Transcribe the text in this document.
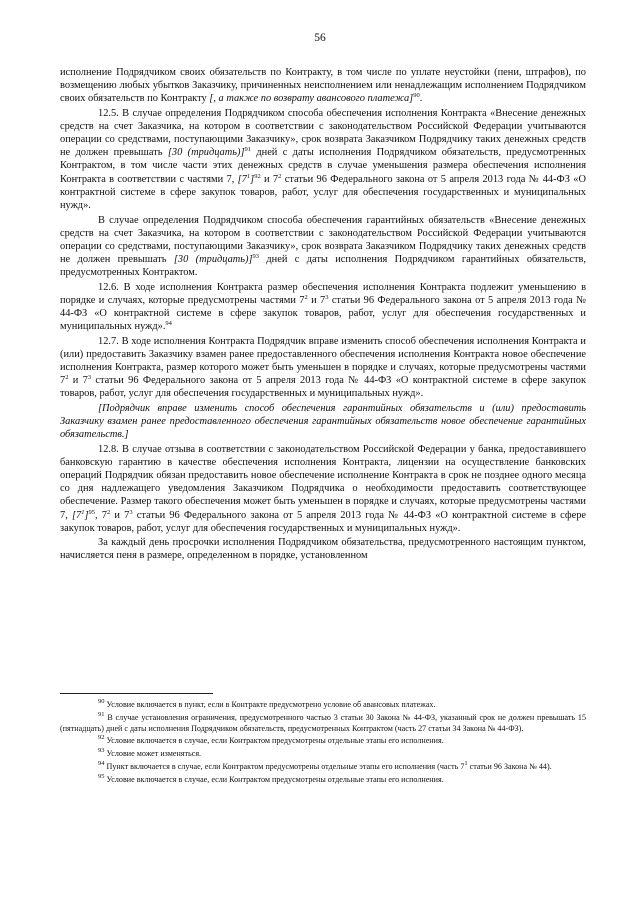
56

исполнение Подрядчиком своих обязательств по Контракту, в том числе по уплате неустойки (пени, штрафов), по возмещению любых убытков Заказчику, причиненных неисполнением или ненадлежащим исполнением Подрядчиком своих обязательств по Контракту [, а также по возврату авансового платежа]$^{90}$.

12.5. В случае определения Подрядчиком способа обеспечения исполнения Контракта «Внесение денежных средств на счет Заказчика, на котором в соответствии с законодательством Российской Федерации учитываются операции со средствами, поступающими Заказчику», срок возврата Заказчиком Подрядчику таких денежных средств не должен превышать [30 (тридцать)]$^{91}$ дней с даты исполнения Подрядчиком обязательств, предусмотренных Контрактом, в том числе части этих денежных средств в случае уменьшения размера обеспечения исполнения Контракта в соответствии с частями 7, $[7^1]^{92}$ и $7^2$ статьи 96 Федерального закона от 5 апреля 2013 года № 44-ФЗ «О контрактной системе в сфере закупок товаров, работ, услуг для обеспечения государственных и муниципальных нужд».

В случае определения Подрядчиком способа обеспечения гарантийных обязательств «Внесение денежных средств на счет Заказчика, на котором в соответствии с законодательством Российской Федерации учитываются операции со средствами, поступающими Заказчику», срок возврата Заказчиком Подрядчику таких денежных средств не должен превышать [30 (тридцать)]$^{93}$ дней с даты исполнения Подрядчиком гарантийных обязательств, предусмотренных Контрактом.

12.6. В ходе исполнения Контракта размер обеспечения исполнения Контракта подлежит уменьшению в порядке и случаях, которые предусмотрены частями $7^2$ и $7^3$ статьи 96 Федерального закона от 5 апреля 2013 года № 44-ФЗ «О контрактной системе в сфере закупок товаров, работ, услуг для обеспечения государственных и муниципальных нужд».$^{94}$

12.7. В ходе исполнения Контракта Подрядчик вправе изменить способ обеспечения исполнения Контракта и (или) предоставить Заказчику взамен ранее предоставленного обеспечения исполнения Контракта новое обеспечение исполнения Контракта, размер которого может быть уменьшен в порядке и случаях, которые предусмотрены частями $7^2$ и $7^3$ статьи 96 Федерального закона от 5 апреля 2013 года № 44-ФЗ «О контрактной системе в сфере закупок товаров, работ, услуг для обеспечения государственных и муниципальных нужд».

[Подрядчик вправе изменить способ обеспечения гарантийных обязательств и (или) предоставить Заказчику взамен ранее предоставленного обеспечения гарантийных обязательств новое обеспечение гарантийных обязательств.]

12.8. В случае отзыва в соответствии с законодательством Российской Федерации у банка, предоставившего банковскую гарантию в качестве обеспечения исполнения Контракта, лицензии на осуществление банковских операций Подрядчик обязан предоставить новое обеспечение исполнение Контракта в срок не позднее одного месяца со дня надлежащего уведомления Заказчиком Подрядчика о необходимости предоставить соответствующее обеспечение. Размер такого обеспечения может быть уменьшен в порядке и случаях, которые предусмотрены частями 7, $[7^1]^{95}$, $7^2$ и $7^3$ статьи 96 Федерального закона от 5 апреля 2013 года № 44-ФЗ «О контрактной системе в сфере закупок товаров, работ, услуг для обеспечения государственных и муниципальных нужд».

За каждый день просрочки исполнения Подрядчиком обязательства, предусмотренного настоящим пунктом, начисляется пеня в размере, определенном в порядке, установленном

$^{90}$ Условие включается в пункт, если в Контракте предусмотрено условие об авансовых платежах.

$^{91}$ В случае установления ограничения, предусмотренного частью 3 статьи 30 Закона № 44-ФЗ, указанный срок не должен превышать 15 (пятнадцать) дней с даты исполнения Подрядчиком обязательств, предусмотренных Контрактом (часть 27 статьи 34 Закона № 44-ФЗ).

$^{92}$ Условие включается в случае, если Контрактом предусмотрены отдельные этапы его исполнения.

$^{93}$ Условие может изменяться.

$^{94}$ Пункт включается в случае, если Контрактом предусмотрены отдельные этапы его исполнения (часть $7^1$ статьи 96 Закона № 44).

$^{95}$ Условие включается в случае, если Контрактом предусмотрены отдельные этапы его исполнения.
